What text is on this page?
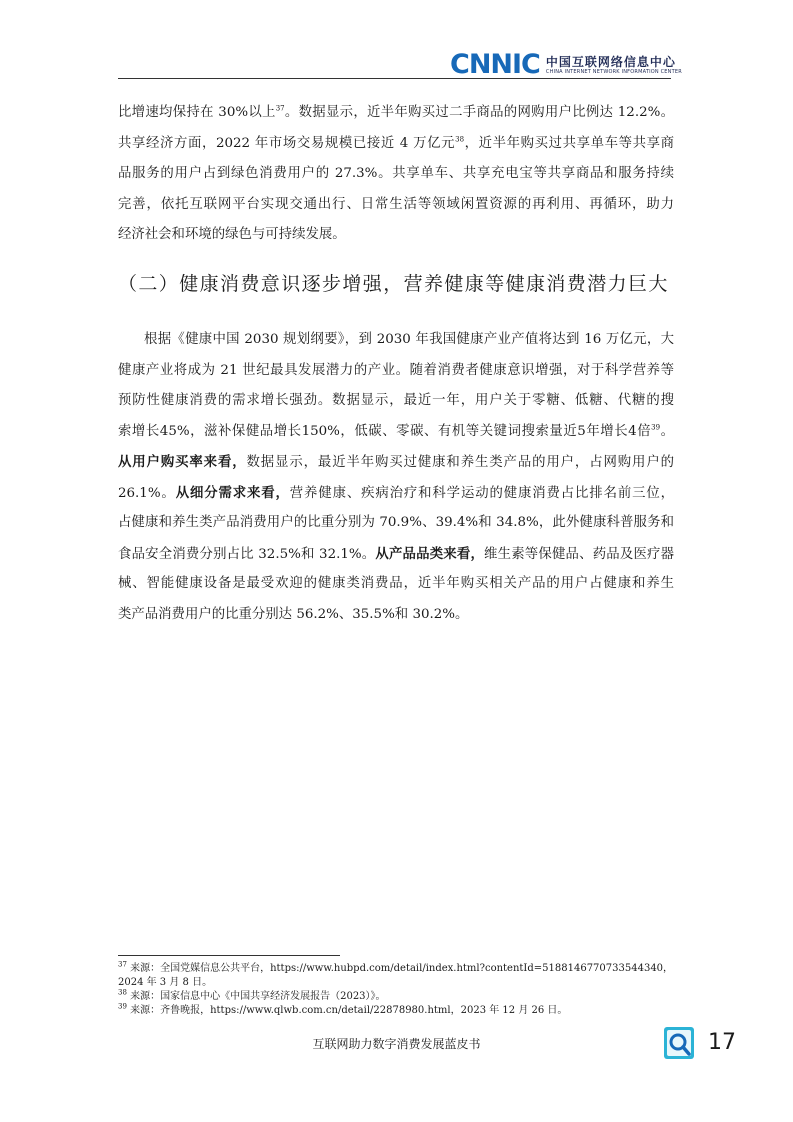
CNNIC 中国互联网络信息中心
CHINA INTERNET NETWORK INFORMATION CENTER
比增速均保持在 30%以上$^{37}$。数据显示，近半年购买过二手商品的网购用户比例达 12.2%。
共享经济方面，2022 年市场交易规模已接近 4 万亿元$^{38}$，近半年购买过共享单车等共享商
品服务的用户占到绿色消费用户的 27.3%。共享单车、共享充电宝等共享商品和服务持续
完善，依托互联网平台实现交通出行、日常生活等领域闲置资源的再利用、再循环，助力
经济社会和环境的绿色与可持续发展。
（二）健康消费意识逐步增强，营养健康等健康消费潜力巨大
根据《健康中国 2030 规划纲要》，到 2030 年我国健康产业产值将达到 16 万亿元，大
健康产业将成为 21 世纪最具发展潜力的产业。随着消费者健康意识增强，对于科学营养等
预防性健康消费的需求增长强劲。数据显示，最近一年，用户关于零糖、低糖、代糖的搜
索增长45%，滋补保健品增长150%，低碳、零碳、有机等关键词搜索量近5年增长4倍$^{39}$。
从用户购买率来看，数据显示，最近半年购买过健康和养生类产品的用户，占网购用户的
26.1%。从细分需求来看，营养健康、疾病治疗和科学运动的健康消费占比排名前三位，
占健康和养生类产品消费用户的比重分别为 70.9%、39.4%和 34.8%，此外健康科普服务和
食品安全消费分别占比 32.5%和 32.1%。从产品品类来看，维生素等保健品、药品及医疗器
械、智能健康设备是最受欢迎的健康类消费品，近半年购买相关产品的用户占健康和养生
类产品消费用户的比重分别达 56.2%、35.5%和 30.2%。
$^{37}$ 来源：全国党媒信息公共平台，https://www.hubpd.com/detail/index.html?contentId=5188146770733544340，
2024 年 3 月 8 日。
$^{38}$ 来源：国家信息中心《中国共享经济发展报告（2023）》。
$^{39}$ 来源：齐鲁晚报，https://www.qlwb.com.cn/detail/22878980.html，2023 年 12 月 26 日。
互联网助力数字消费发展蓝皮书	17
